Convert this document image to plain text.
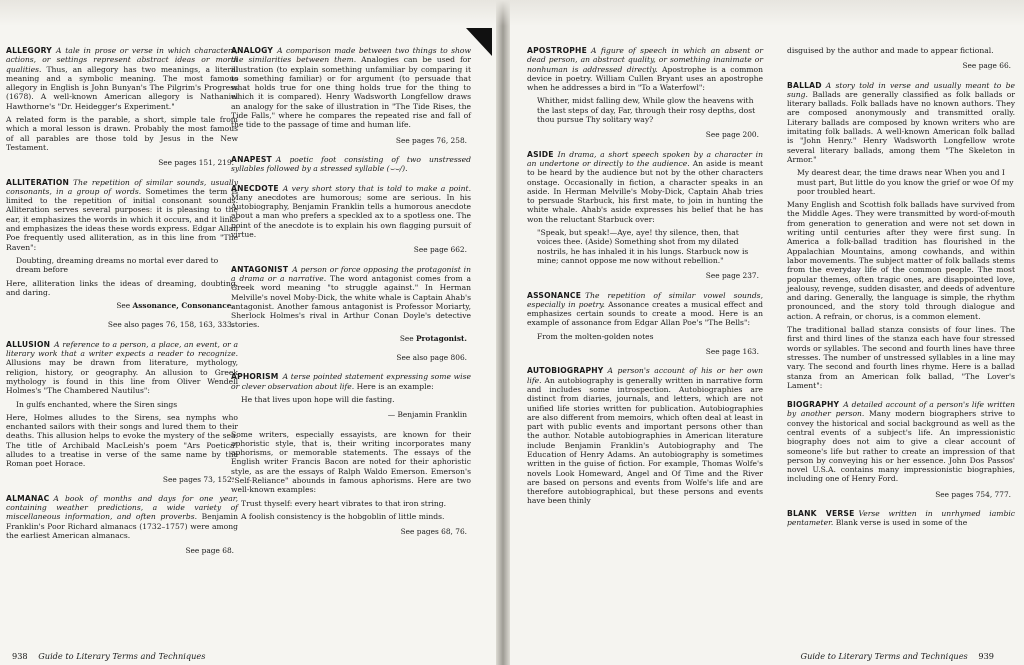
ALLEGORY A tale in prose or verse in which characters, actions, or settings represent abstract ideas or moral qualities. Thus, an allegory has two meanings, a literal meaning and a symbolic meaning. The most famous allegory in English is John Bunyan's The Pilgrim's Progress (1678). A well-known American allegory is Nathaniel Hawthorne's "Dr. Heidegger's Experiment."
A related form is the parable, a short, simple tale from which a moral lesson is drawn. Probably the most famous of all parables are those told by Jesus in the New Testament.
See pages 151, 219.
ALLITERATION The repetition of similar sounds, usually consonants, in a group of words. Sometimes the term is limited to the repetition of initial consonant sounds. Alliteration serves several purposes: it is pleasing to the ear, it emphasizes the words in which it occurs, and it links and emphasizes the ideas these words express. Edgar Allan Poe frequently used alliteration, as in this line from "The Raven":
Doubting, dreaming dreams no mortal ever dared to dream before
Here, alliteration links the ideas of dreaming, doubting, and daring.
See Assonance, Consonance.
See also pages 76, 158, 163, 333.
ALLUSION A reference to a person, a place, an event, or a literary work that a writer expects a reader to recognize. Allusions may be drawn from literature, mythology, religion, history, or geography. An allusion to Greek mythology is found in this line from Oliver Wendell Holmes's "The Chambered Nautilus":
In gulfs enchanted, where the Siren sings
Here, Holmes alludes to the Sirens, sea nymphs who enchanted sailors with their songs and lured them to their deaths. This allusion helps to evoke the mystery of the sea. The title of Archibald MacLeish's poem "Ars Poetica" alludes to a treatise in verse of the same name by the Roman poet Horace.
See pages 73, 152.
ALMANAC A book of months and days for one year, containing weather predictions, a wide variety of miscellaneous information, and often proverbs. Benjamin Franklin's Poor Richard almanacs (1732–1757) were among the earliest American almanacs.
See page 68.
ANALOGY A comparison made between two things to show the similarities between them. Analogies can be used for illustration (to explain something unfamiliar by comparing it to something familiar) or for argument (to persuade that what holds true for one thing holds true for the thing to which it is compared). Henry Wadsworth Longfellow draws an analogy for the sake of illustration in "The Tide Rises, the Tide Falls," where he compares the repeated rise and fall of the tide to the passage of time and human life.
See pages 76, 258.
ANAPEST A poetic foot consisting of two unstressed syllables followed by a stressed syllable (⌣⌣/).
ANECDOTE A very short story that is told to make a point. Many anecdotes are humorous; some are serious. In his Autobiography, Benjamin Franklin tells a humorous anecdote about a man who prefers a speckled ax to a spotless one. The point of the anecdote is to explain his own flagging pursuit of virtue.
See page 662.
ANTAGONIST A person or force opposing the protagonist in a drama or a narrative. The word antagonist comes from a Greek word meaning "to struggle against." In Herman Melville's novel Moby-Dick, the white whale is Captain Ahab's antagonist. Another famous antagonist is Professor Moriarty, Sherlock Holmes's rival in Arthur Conan Doyle's detective stories.
See Protagonist.
See also page 806.
APHORISM A terse pointed statement expressing some wise or clever observation about life. Here is an example:
He that lives upon hope will die fasting.
— Benjamin Franklin
Some writers, especially essayists, are known for their aphoristic style, that is, their writing incorporates many aphorisms, or memorable statements. The essays of the English writer Francis Bacon are noted for their aphoristic style, as are the essays of Ralph Waldo Emerson. Emerson's "Self-Reliance" abounds in famous aphorisms. Here are two well-known examples:
Trust thyself: every heart vibrates to that iron string.
A foolish consistency is the hobgoblin of little minds.
See pages 68, 76.
APOSTROPHE A figure of speech in which an absent or dead person, an abstract quality, or something inanimate or nonhuman is addressed directly. Apostrophe is a common device in poetry. William Cullen Bryant uses an apostrophe when he addresses a bird in "To a Waterfowl":
Whither, midst falling dew, While glow the heavens with the last steps of day, Far, through their rosy depths, dost thou pursue Thy solitary way?
See page 200.
ASIDE In drama, a short speech spoken by a character in an undertone or directly to the audience. An aside is meant to be heard by the audience but not by the other characters onstage. Occasionally in fiction, a character speaks in an aside. In Herman Melville's Moby-Dick, Captain Ahab tries to persuade Starbuck, his first mate, to join in hunting the white whale. Ahab's aside expresses his belief that he has won the reluctant Starbuck over:
"Speak, but speak!—Aye, aye! thy silence, then, that voices thee. (Aside) Something shot from my dilated nostrils, he has inhaled it in his lungs. Starbuck now is mine; cannot oppose me now without rebellion."
See page 237.
ASSONANCE The repetition of similar vowel sounds, especially in poetry. Assonance creates a musical effect and emphasizes certain sounds to create a mood. Here is an example of assonance from Edgar Allan Poe's "The Bells":
From the molten-golden notes
See page 163.
AUTOBIOGRAPHY A person's account of his or her own life. An autobiography is generally written in narrative form and includes some introspection. Autobiographies are distinct from diaries, journals, and letters, which are not unified life stories written for publication. Autobiographies are also different from memoirs, which often deal at least in part with public events and important persons other than the author. Notable autobiographies in American literature include Benjamin Franklin's Autobiography and The Education of Henry Adams. An autobiography is sometimes written in the guise of fiction. For example, Thomas Wolfe's novels Look Homeward, Angel and Of Time and the River are based on persons and events from Wolfe's life and are therefore autobiographical, but these persons and events have been thinly
disguised by the author and made to appear fictional.
See page 66.
BALLAD A story told in verse and usually meant to be sung. Ballads are generally classified as folk ballads or literary ballads. Folk ballads have no known authors. They are composed anonymously and transmitted orally. Literary ballads are composed by known writers who are imitating folk ballads. A well-known American folk ballad is "John Henry." Henry Wadsworth Longfellow wrote several literary ballads, among them "The Skeleton in Armor."
My dearest dear, the time draws near When you and I must part, But little do you know the grief or woe Of my poor troubled heart.
Many English and Scottish folk ballads have survived from the Middle Ages. They were transmitted by word-of-mouth from generation to generation and were not set down in writing until centuries after they were first sung. In America a folk-ballad tradition has flourished in the Appalachian Mountains, among cowhands, and within labor movements. The subject matter of folk ballads stems from the everyday life of the common people. The most popular themes, often tragic ones, are disappointed love, jealousy, revenge, sudden disaster, and deeds of adventure and daring. Generally, the language is simple, the rhythm pronounced, and the story told through dialogue and action. A refrain, or chorus, is a common element.
The traditional ballad stanza consists of four lines. The first and third lines of the stanza each have four stressed words or syllables. The second and fourth lines have three stresses. The number of unstressed syllables in a line may vary. The second and fourth lines rhyme. Here is a ballad stanza from an American folk ballad, "The Lover's Lament":
BIOGRAPHY A detailed account of a person's life written by another person. Many modern biographers strive to convey the historical and social background as well as the central events of a subject's life. An impressionistic biography does not aim to give a clear account of someone's life but rather to create an impression of that person by conveying his or her essence. John Dos Passos' novel U.S.A. contains many impressionistic biographies, including one of Henry Ford.
See pages 754, 777.
BLANK VERSE Verse written in unrhymed iambic pentameter. Blank verse is used in some of the
938 Guide to Literary Terms and Techniques	Guide to Literary Terms and Techniques 939
